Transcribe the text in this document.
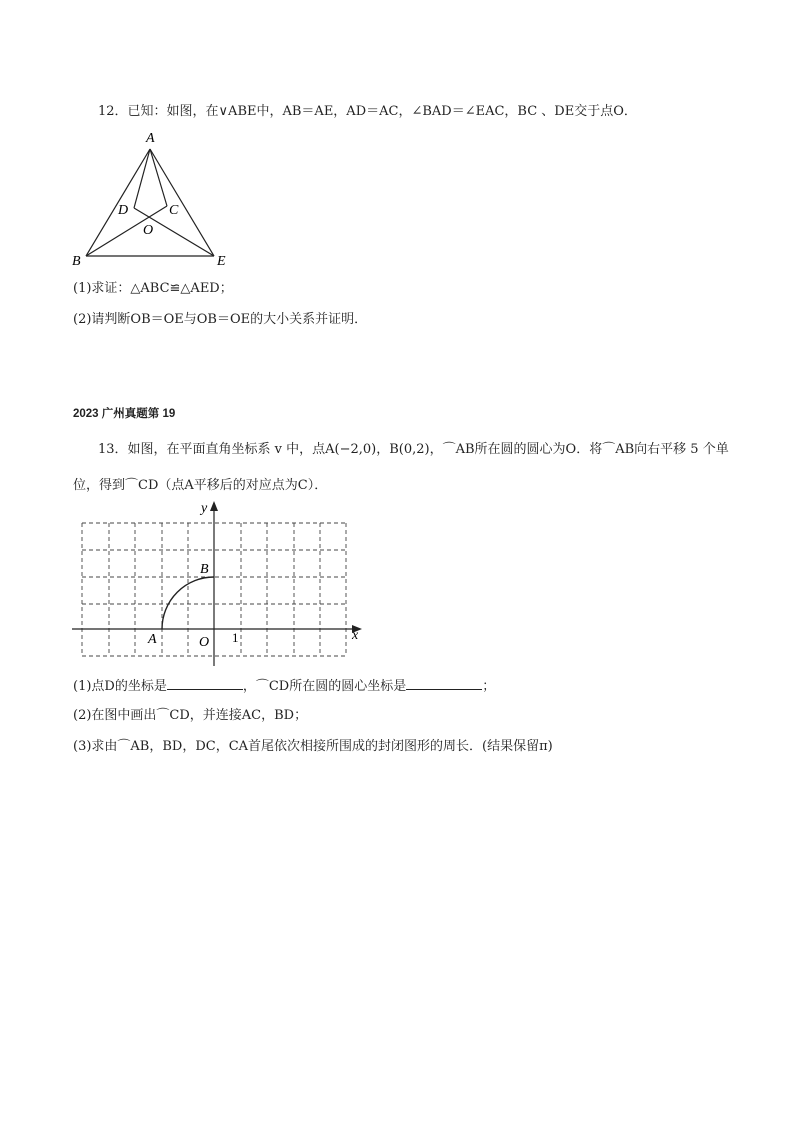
12．已知：如图，在∨ABE中，AB＝AE，AD＝AC，∠BAD＝∠EAC，BC 、DE交于点O．
A
B	E
D	C
O
(1)求证：△ABC≌△AED；
(2)请判断OB＝OE与OB＝OE的大小关系并证明．
2023 广州真题第 19
13．如图，在平面直角坐标系 v 中，点A(−2,0)，B(0,2)，⌒AB所在圆的圆心为O．将⌒AB向右平移 5 个单
位，得到⌒CD（点A平移后的对应点为C）．
y
x
B
A	O 1
(1)点D的坐标是	，⌒CD所在圆的圆心坐标是	；
(2)在图中画出⌒CD，并连接AC，BD；
(3)求由⌒AB，BD，DC，CA首尾依次相接所围成的封闭图形的周长．(结果保留π)
